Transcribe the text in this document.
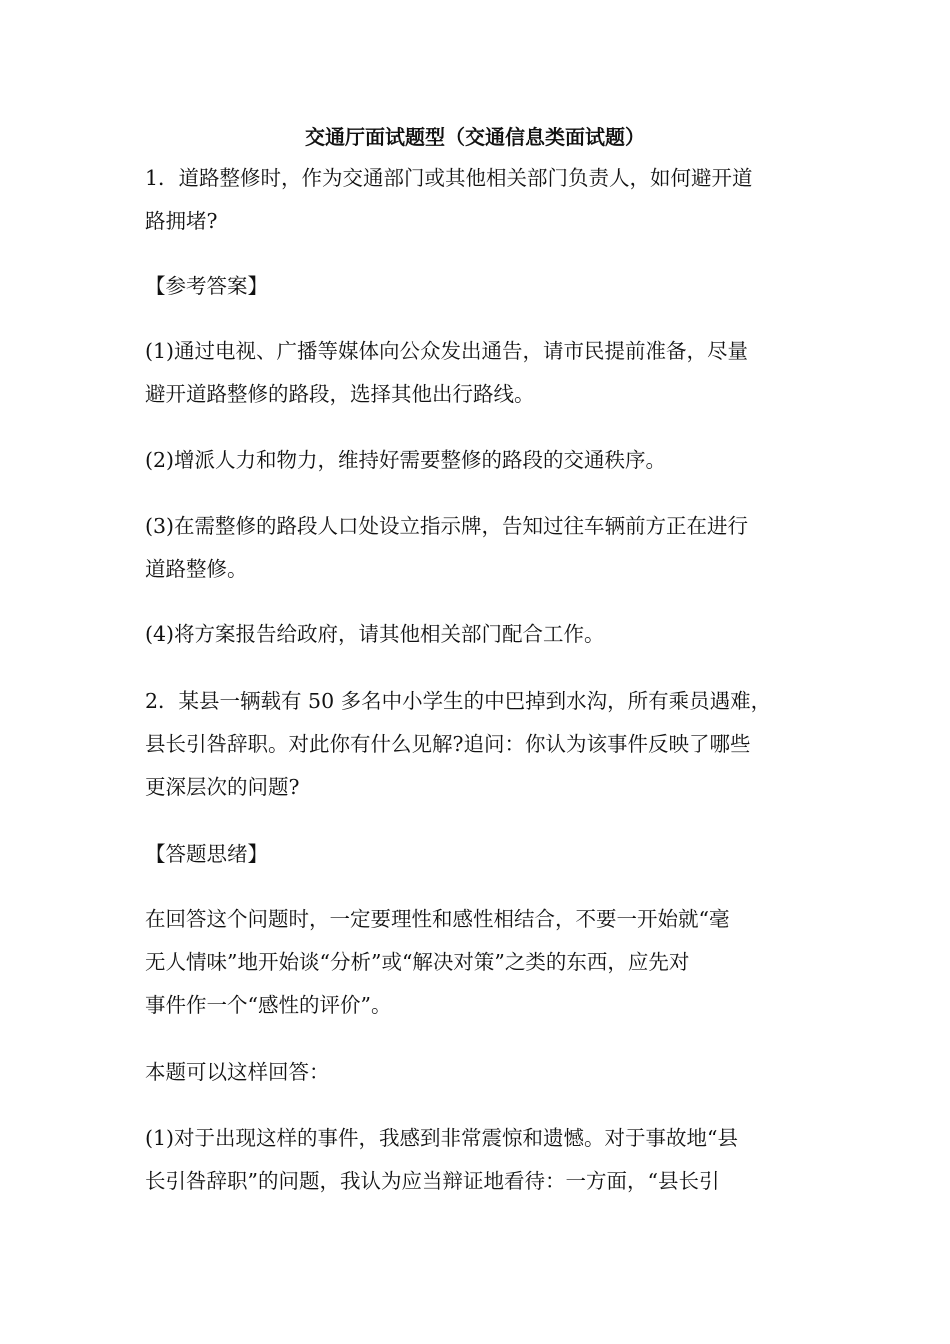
交通厅面试题型（交通信息类面试题）
1．道路整修时，作为交通部门或其他相关部门负责人，如何避开道
路拥堵?
【参考答案】
(1)通过电视、广播等媒体向公众发出通告，请市民提前准备，尽量
避开道路整修的路段，选择其他出行路线。
(2)增派人力和物力，维持好需要整修的路段的交通秩序。
(3)在需整修的路段人口处设立指示牌，告知过往车辆前方正在进行
道路整修。
(4)将方案报告给政府，请其他相关部门配合工作。
2．某县一辆载有 50 多名中小学生的中巴掉到水沟，所有乘员遇难，
县长引咎辞职。对此你有什么见解?追问：你认为该事件反映了哪些
更深层次的问题?
【答题思绪】
在回答这个问题时，一定要理性和感性相结合，不要一开始就“毫
无人情味”地开始谈“分析”或“解决对策”之类的东西，应先对
事件作一个“感性的评价”。
本题可以这样回答：
(1)对于出现这样的事件，我感到非常震惊和遗憾。对于事故地“县
长引咎辞职”的问题，我认为应当辩证地看待：一方面，“县长引
